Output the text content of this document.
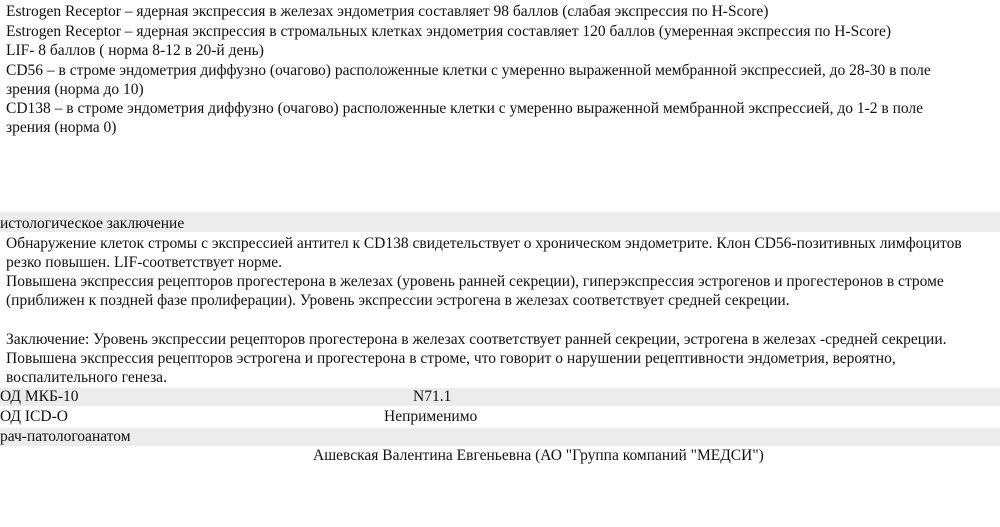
Estrogen Receptor – ядерная экспрессия в железах эндометрия составляет 98 баллов (слабая экспрессия по H-Score)
Estrogen Receptor – ядерная экспрессия в стромальных клетках эндометрия составляет 120 баллов (умеренная экспрессия по H-Score)
LIF- 8 баллов ( норма 8-12 в 20-й день)
CD56 – в строме эндометрия диффузно (очагово) расположенные клетки с умеренно выраженной мембранной экспрессией, до 28-30 в поле
зрения (норма до 10)
CD138 – в строме эндометрия диффузно (очагово) расположенные клетки с умеренно выраженной мембранной экспрессией, до 1-2 в поле
зрения (норма 0)
истологическое заключение
Обнаружение клеток стромы с экспрессией антител к CD138 свидетельствует о хроническом эндометрите. Клон CD56-позитивных лимфоцитов
резко повышен. LIF-соответствует норме.
Повышена экспрессия рецепторов прогестерона в железах (уровень ранней секреции), гиперэкспрессия эстрогенов и прогестеронов в строме
(приближен к поздней фазе пролиферации). Уровень экспрессии эстрогена в железах соответствует средней секреции.
Заключение: Уровень экспрессии рецепторов прогестерона в железах соответствует ранней секреции, эстрогена в железах -средней секреции.
Повышена экспрессия рецепторов эстрогена и прогестерона в строме, что говорит о нарушении рецептивности эндометрия, вероятно,
воспалительного генеза.
ОД МКБ-10	N71.1
ОД ICD-O	Неприменимо
рач-патологоанатом
Ашевская Валентина Евгеньевна (АО "Группа компаний "МЕДСИ")
